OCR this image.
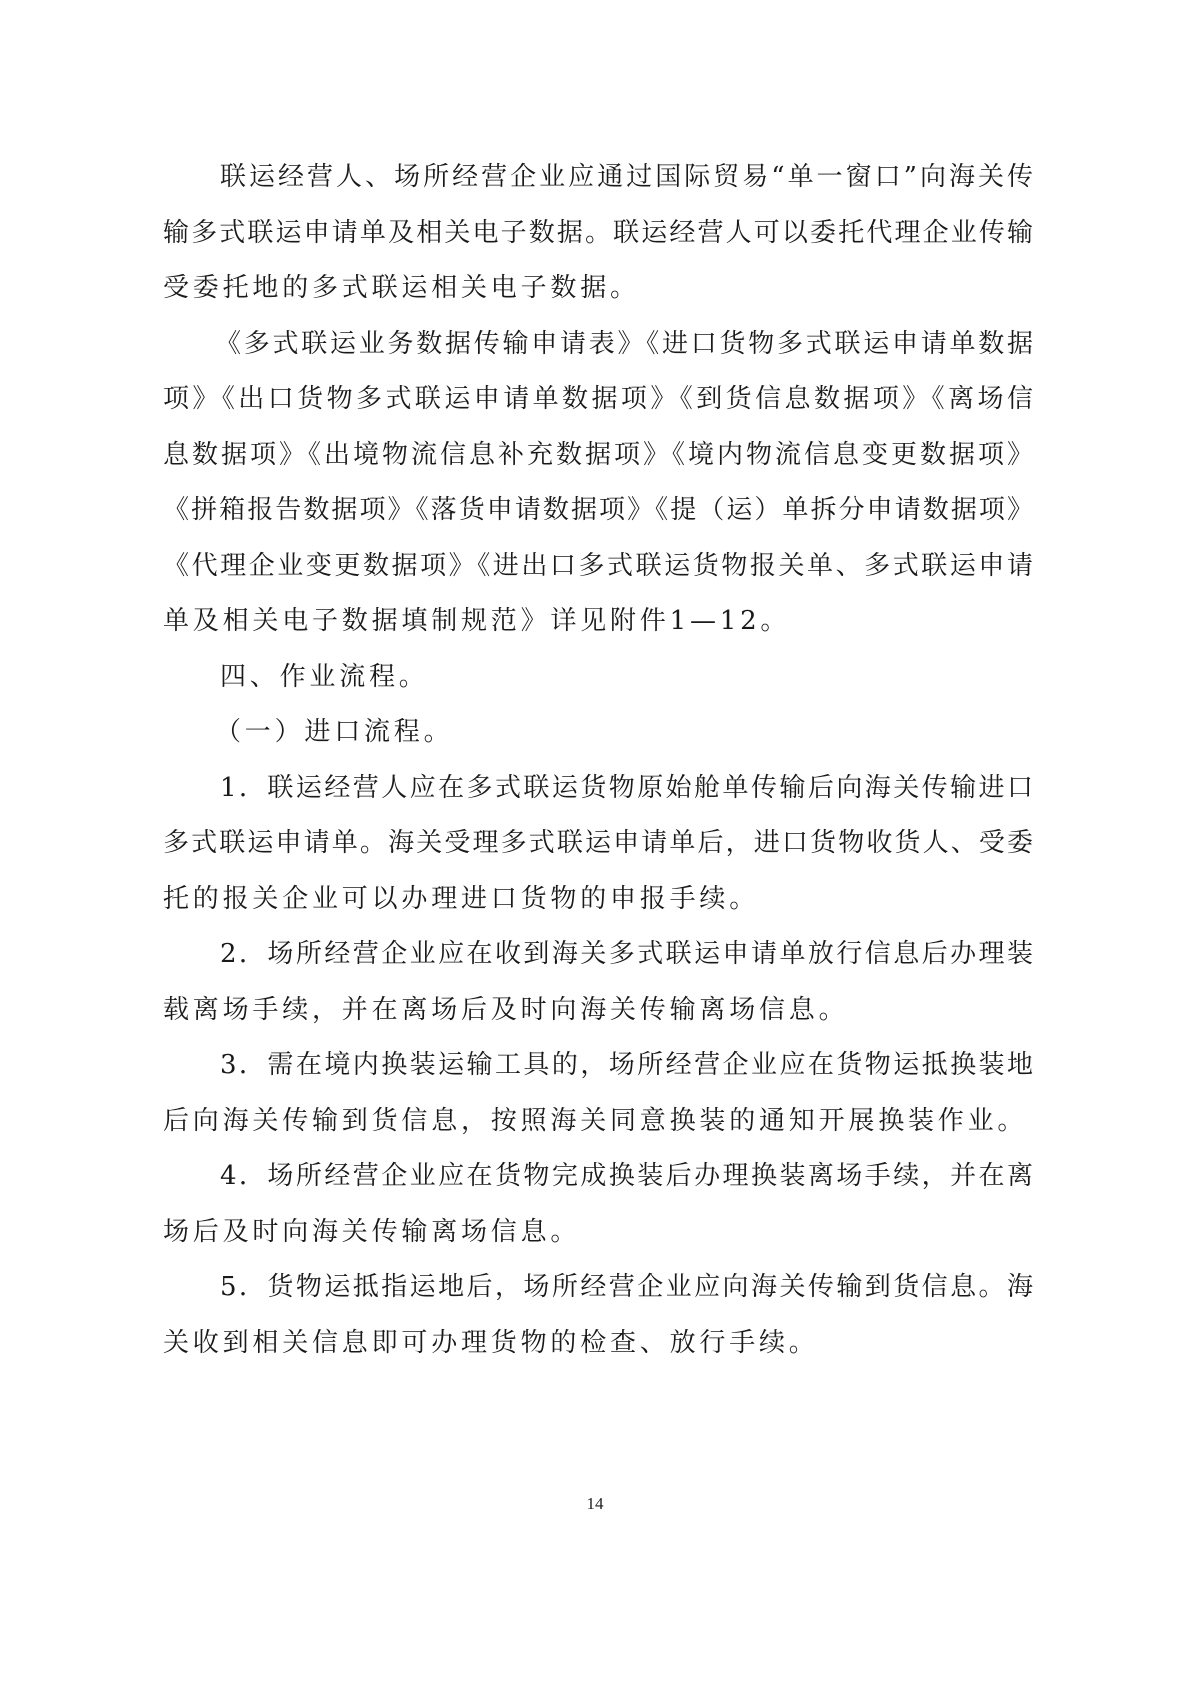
联运经营人、场所经营企业应通过国际贸易“单一窗口”向海关传
输多式联运申请单及相关电子数据。联运经营人可以委托代理企业传输
受委托地的多式联运相关电子数据。
《多式联运业务数据传输申请表》《进口货物多式联运申请单数据
项》《出口货物多式联运申请单数据项》《到货信息数据项》《离场信
息数据项》《出境物流信息补充数据项》《境内物流信息变更数据项》
《拼箱报告数据项》《落货申请数据项》《提（运）单拆分申请数据项》
《代理企业变更数据项》《进出口多式联运货物报关单、多式联运申请
单及相关电子数据填制规范》详见附件1—12。
四、作业流程。
（一）进口流程。
1．联运经营人应在多式联运货物原始舱单传输后向海关传输进口
多式联运申请单。海关受理多式联运申请单后，进口货物收货人、受委
托的报关企业可以办理进口货物的申报手续。
2．场所经营企业应在收到海关多式联运申请单放行信息后办理装
载离场手续，并在离场后及时向海关传输离场信息。
3．需在境内换装运输工具的，场所经营企业应在货物运抵换装地
后向海关传输到货信息，按照海关同意换装的通知开展换装作业。
4．场所经营企业应在货物完成换装后办理换装离场手续，并在离
场后及时向海关传输离场信息。
5．货物运抵指运地后，场所经营企业应向海关传输到货信息。海
关收到相关信息即可办理货物的检查、放行手续。
14
